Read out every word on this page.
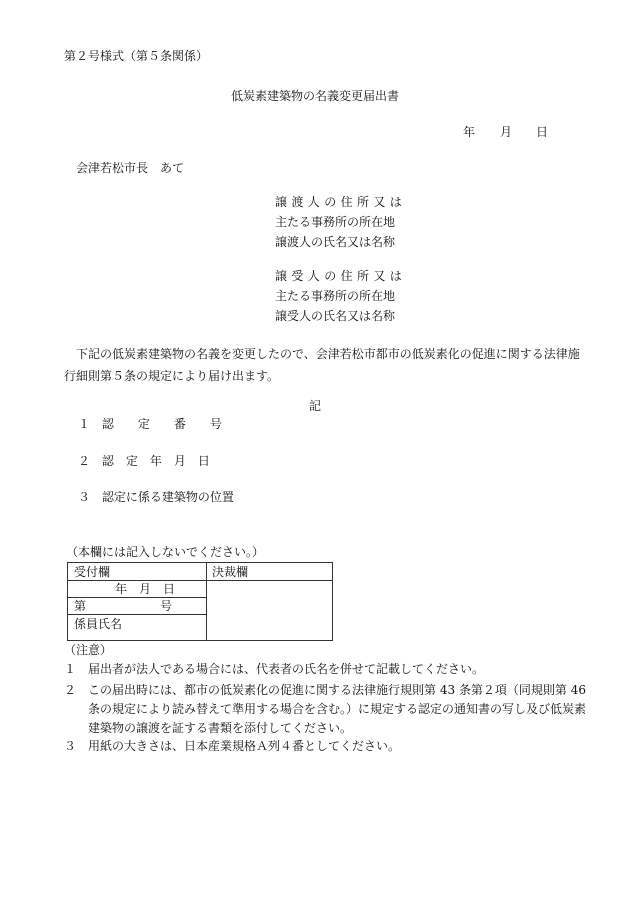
第２号様式（第５条関係）
低炭素建築物の名義変更届出書
年 月 日
会津若松市長　あて
譲渡人の住所又は
主たる事務所の所在地
譲渡人の氏名又は名称
譲受人の住所又は
主たる事務所の所在地
譲受人の氏名又は名称
下記の低炭素建築物の名義を変更したので、会津若松市都市の低炭素化の促進に関する法律施行細則第５条の規定により届け出ます。
記
１ 認　　定　　番　　号
２ 認　定　年　月　日
３ 認定に係る建築物の位置
（本欄には記入しないでください。）
受付欄	決裁欄
年　月　日
第	号
係員氏名
（注意）
１ 届出者が法人である場合には、代表者の氏名を併せて記載してください。
２ この届出時には、都市の低炭素化の促進に関する法律施行規則第 43 条第２項（同規則第 46 条の規定により読み替えて準用する場合を含む。）に規定する認定の通知書の写し及び低炭素建築物の譲渡を証する書類を添付してください。
３ 用紙の大きさは、日本産業規格Ａ列４番としてください。
